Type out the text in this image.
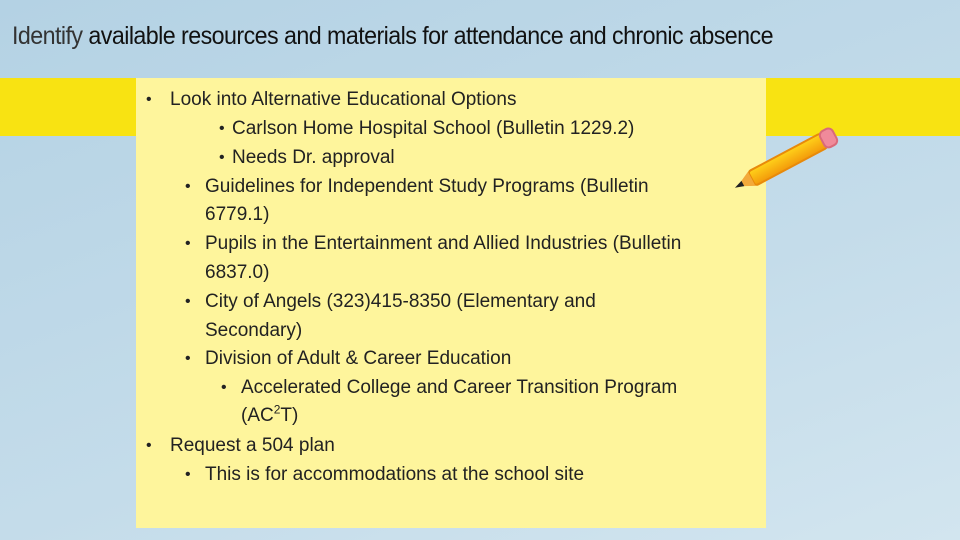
Identify available resources and materials for attendance and chronic absence
• Look into Alternative Educational Options
• Carlson Home Hospital School (Bulletin 1229.2)
• Needs Dr. approval
• Guidelines for Independent Study Programs (Bulletin
6779.1)
• Pupils in the Entertainment and Allied Industries (Bulletin
6837.0)
• City of Angels (323)415-8350 (Elementary and
Secondary)
• Division of Adult & Career Education
• Accelerated College and Career Transition Program
$(AC^2T)$
• Request a 504 plan
• This is for accommodations at the school site
